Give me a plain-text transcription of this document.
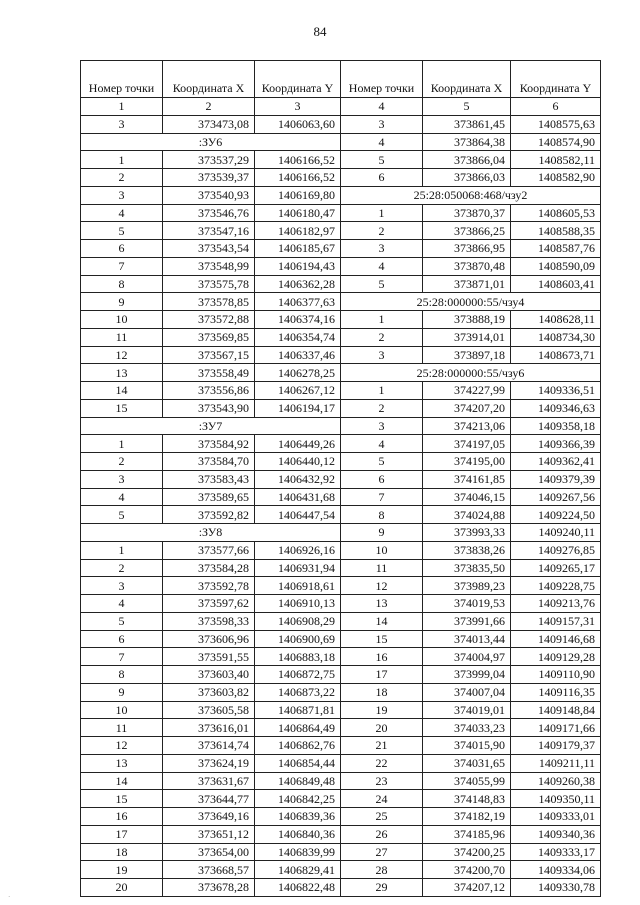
84
Номер точки	Координата X	Координата Y	Номер точки	Координата X	Координата Y
1	2	3	4	5	6
3	373473,08	1406063,60	3	373861,45	1408575,63
:ЗУ6			4	373864,38	1408574,90
1	373537,29	1406166,52	5	373866,04	1408582,11
2	373539,37	1406166,52	6	373866,03	1408582,90
3	373540,93	1406169,80	25:28:050068:468/чзу2		
4	373546,76	1406180,47	1	373870,37	1408605,53
5	373547,16	1406182,97	2	373866,25	1408588,35
6	373543,54	1406185,67	3	373866,95	1408587,76
7	373548,99	1406194,43	4	373870,48	1408590,09
8	373575,78	1406362,28	5	373871,01	1408603,41
9	373578,85	1406377,63	25:28:000000:55/чзу4		
10	373572,88	1406374,16	1	373888,19	1408628,11
11	373569,85	1406354,74	2	373914,01	1408734,30
12	373567,15	1406337,46	3	373897,18	1408673,71
13	373558,49	1406278,25	25:28:000000:55/чзу6		
14	373556,86	1406267,12	1	374227,99	1409336,51
15	373543,90	1406194,17	2	374207,20	1409346,63
:ЗУ7			3	374213,06	1409358,18
1	373584,92	1406449,26	4	374197,05	1409366,39
2	373584,70	1406440,12	5	374195,00	1409362,41
3	373583,43	1406432,92	6	374161,85	1409379,39
4	373589,65	1406431,68	7	374046,15	1409267,56
5	373592,82	1406447,54	8	374024,88	1409224,50
:ЗУ8			9	373993,33	1409240,11
1	373577,66	1406926,16	10	373838,26	1409276,85
2	373584,28	1406931,94	11	373835,50	1409265,17
3	373592,78	1406918,61	12	373989,23	1409228,75
4	373597,62	1406910,13	13	374019,53	1409213,76
5	373598,33	1406908,29	14	373991,66	1409157,31
6	373606,96	1406900,69	15	374013,44	1409146,68
7	373591,55	1406883,18	16	374004,97	1409129,28
8	373603,40	1406872,75	17	373999,04	1409110,90
9	373603,82	1406873,22	18	374007,04	1409116,35
10	373605,58	1406871,81	19	374019,01	1409148,84
11	373616,01	1406864,49	20	374033,23	1409171,66
12	373614,74	1406862,76	21	374015,90	1409179,37
13	373624,19	1406854,44	22	374031,65	1409211,11
14	373631,67	1406849,48	23	374055,99	1409260,38
15	373644,77	1406842,25	24	374148,83	1409350,11
16	373649,16	1406839,36	25	374182,19	1409333,01
17	373651,12	1406840,36	26	374185,96	1409340,36
18	373654,00	1406839,99	27	374200,25	1409333,17
19	373668,57	1406829,41	28	374200,70	1409334,06
20	373678,28	1406822,48	29	374207,12	1409330,78
·
